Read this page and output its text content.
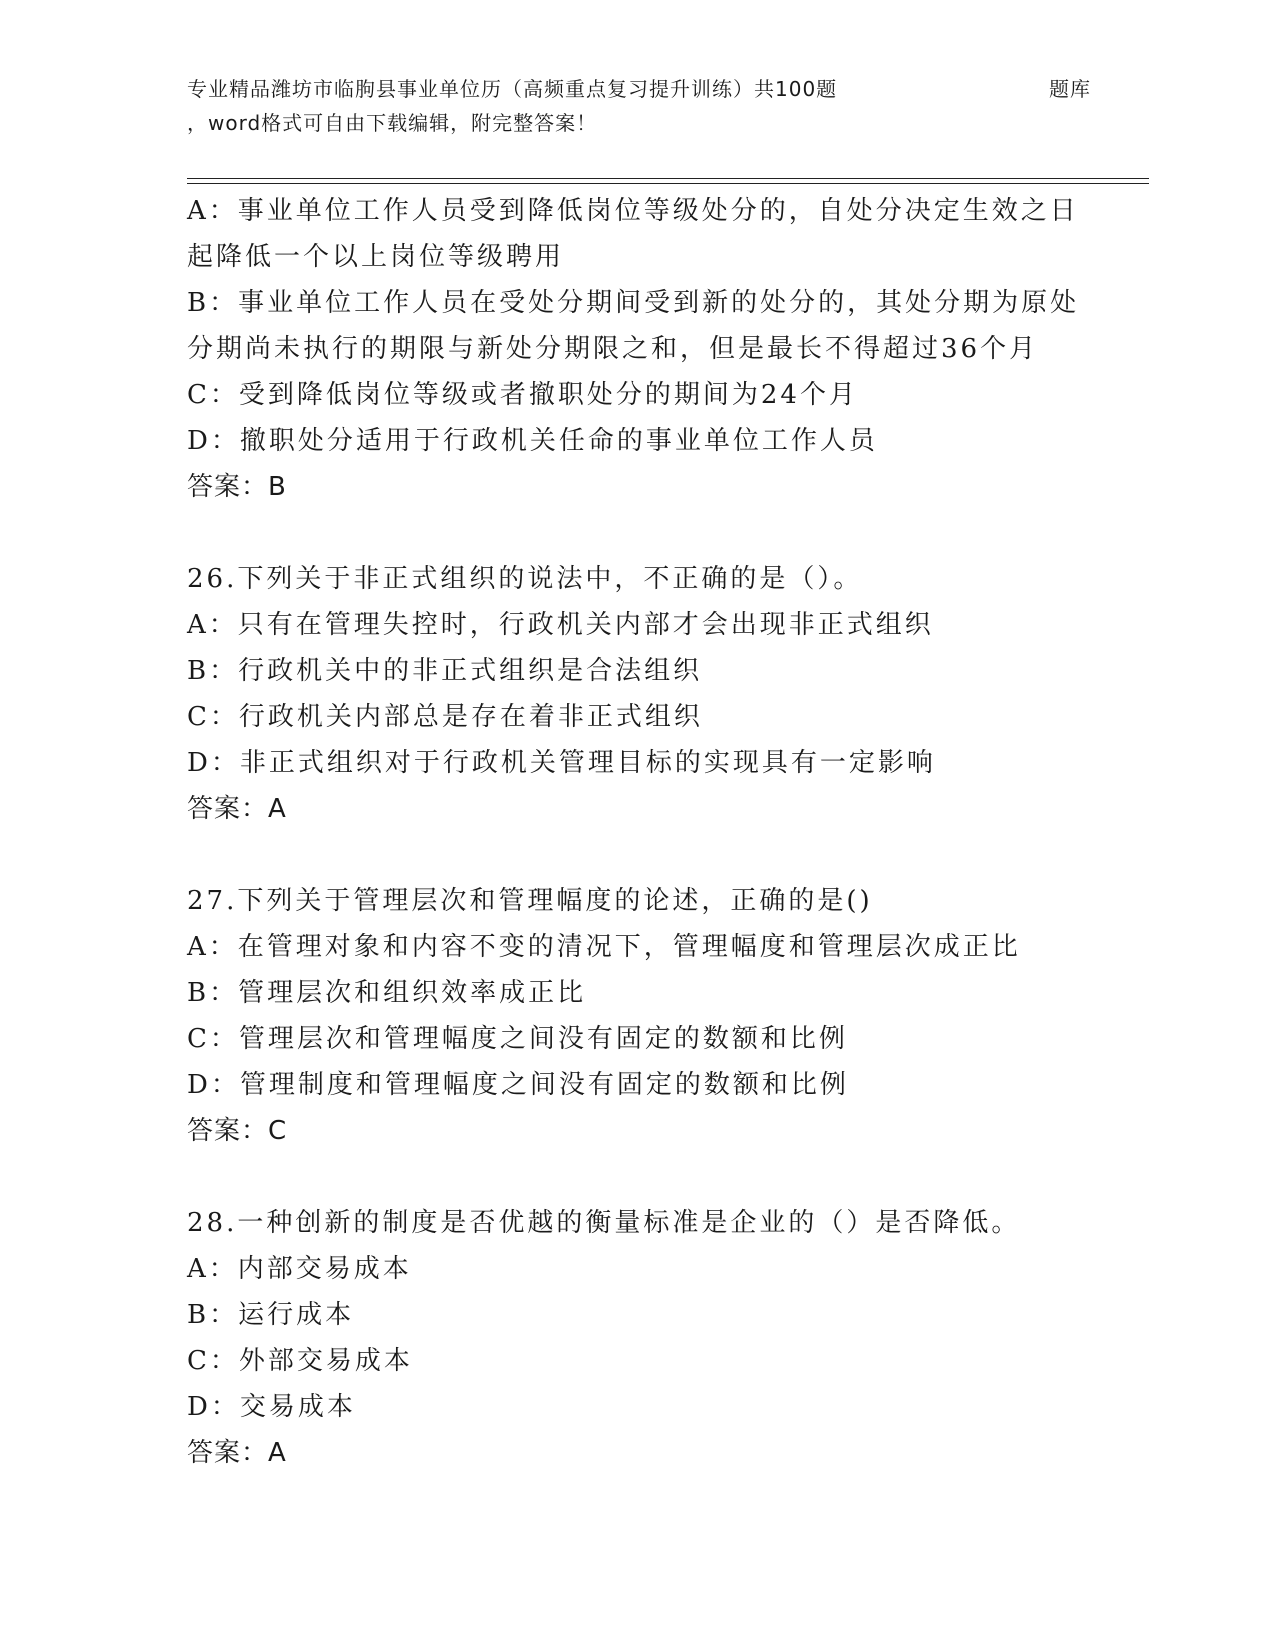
专业精品潍坊市临朐县事业单位历（高频重点复习提升训练）共100题	题库
，word格式可自由下载编辑，附完整答案！

A：事业单位工作人员受到降低岗位等级处分的，自处分决定生效之日

起降低一个以上岗位等级聘用

B：事业单位工作人员在受处分期间受到新的处分的，其处分期为原处

分期尚未执行的期限与新处分期限之和，但是最长不得超过36个月

C：受到降低岗位等级或者撤职处分的期间为24个月

D：撤职处分适用于行政机关任命的事业单位工作人员

答案：B

26.下列关于非正式组织的说法中，不正确的是（）。

A：只有在管理失控时，行政机关内部才会出现非正式组织

B：行政机关中的非正式组织是合法组织

C：行政机关内部总是存在着非正式组织

D：非正式组织对于行政机关管理目标的实现具有一定影响

答案：A

27.下列关于管理层次和管理幅度的论述，正确的是()

A：在管理对象和内容不变的清况下，管理幅度和管理层次成正比

B：管理层次和组织效率成正比

C：管理层次和管理幅度之间没有固定的数额和比例

D：管理制度和管理幅度之间没有固定的数额和比例

答案：C

28.一种创新的制度是否优越的衡量标准是企业的（）是否降低。

A：内部交易成本

B：运行成本

C：外部交易成本

D：交易成本

答案：A
